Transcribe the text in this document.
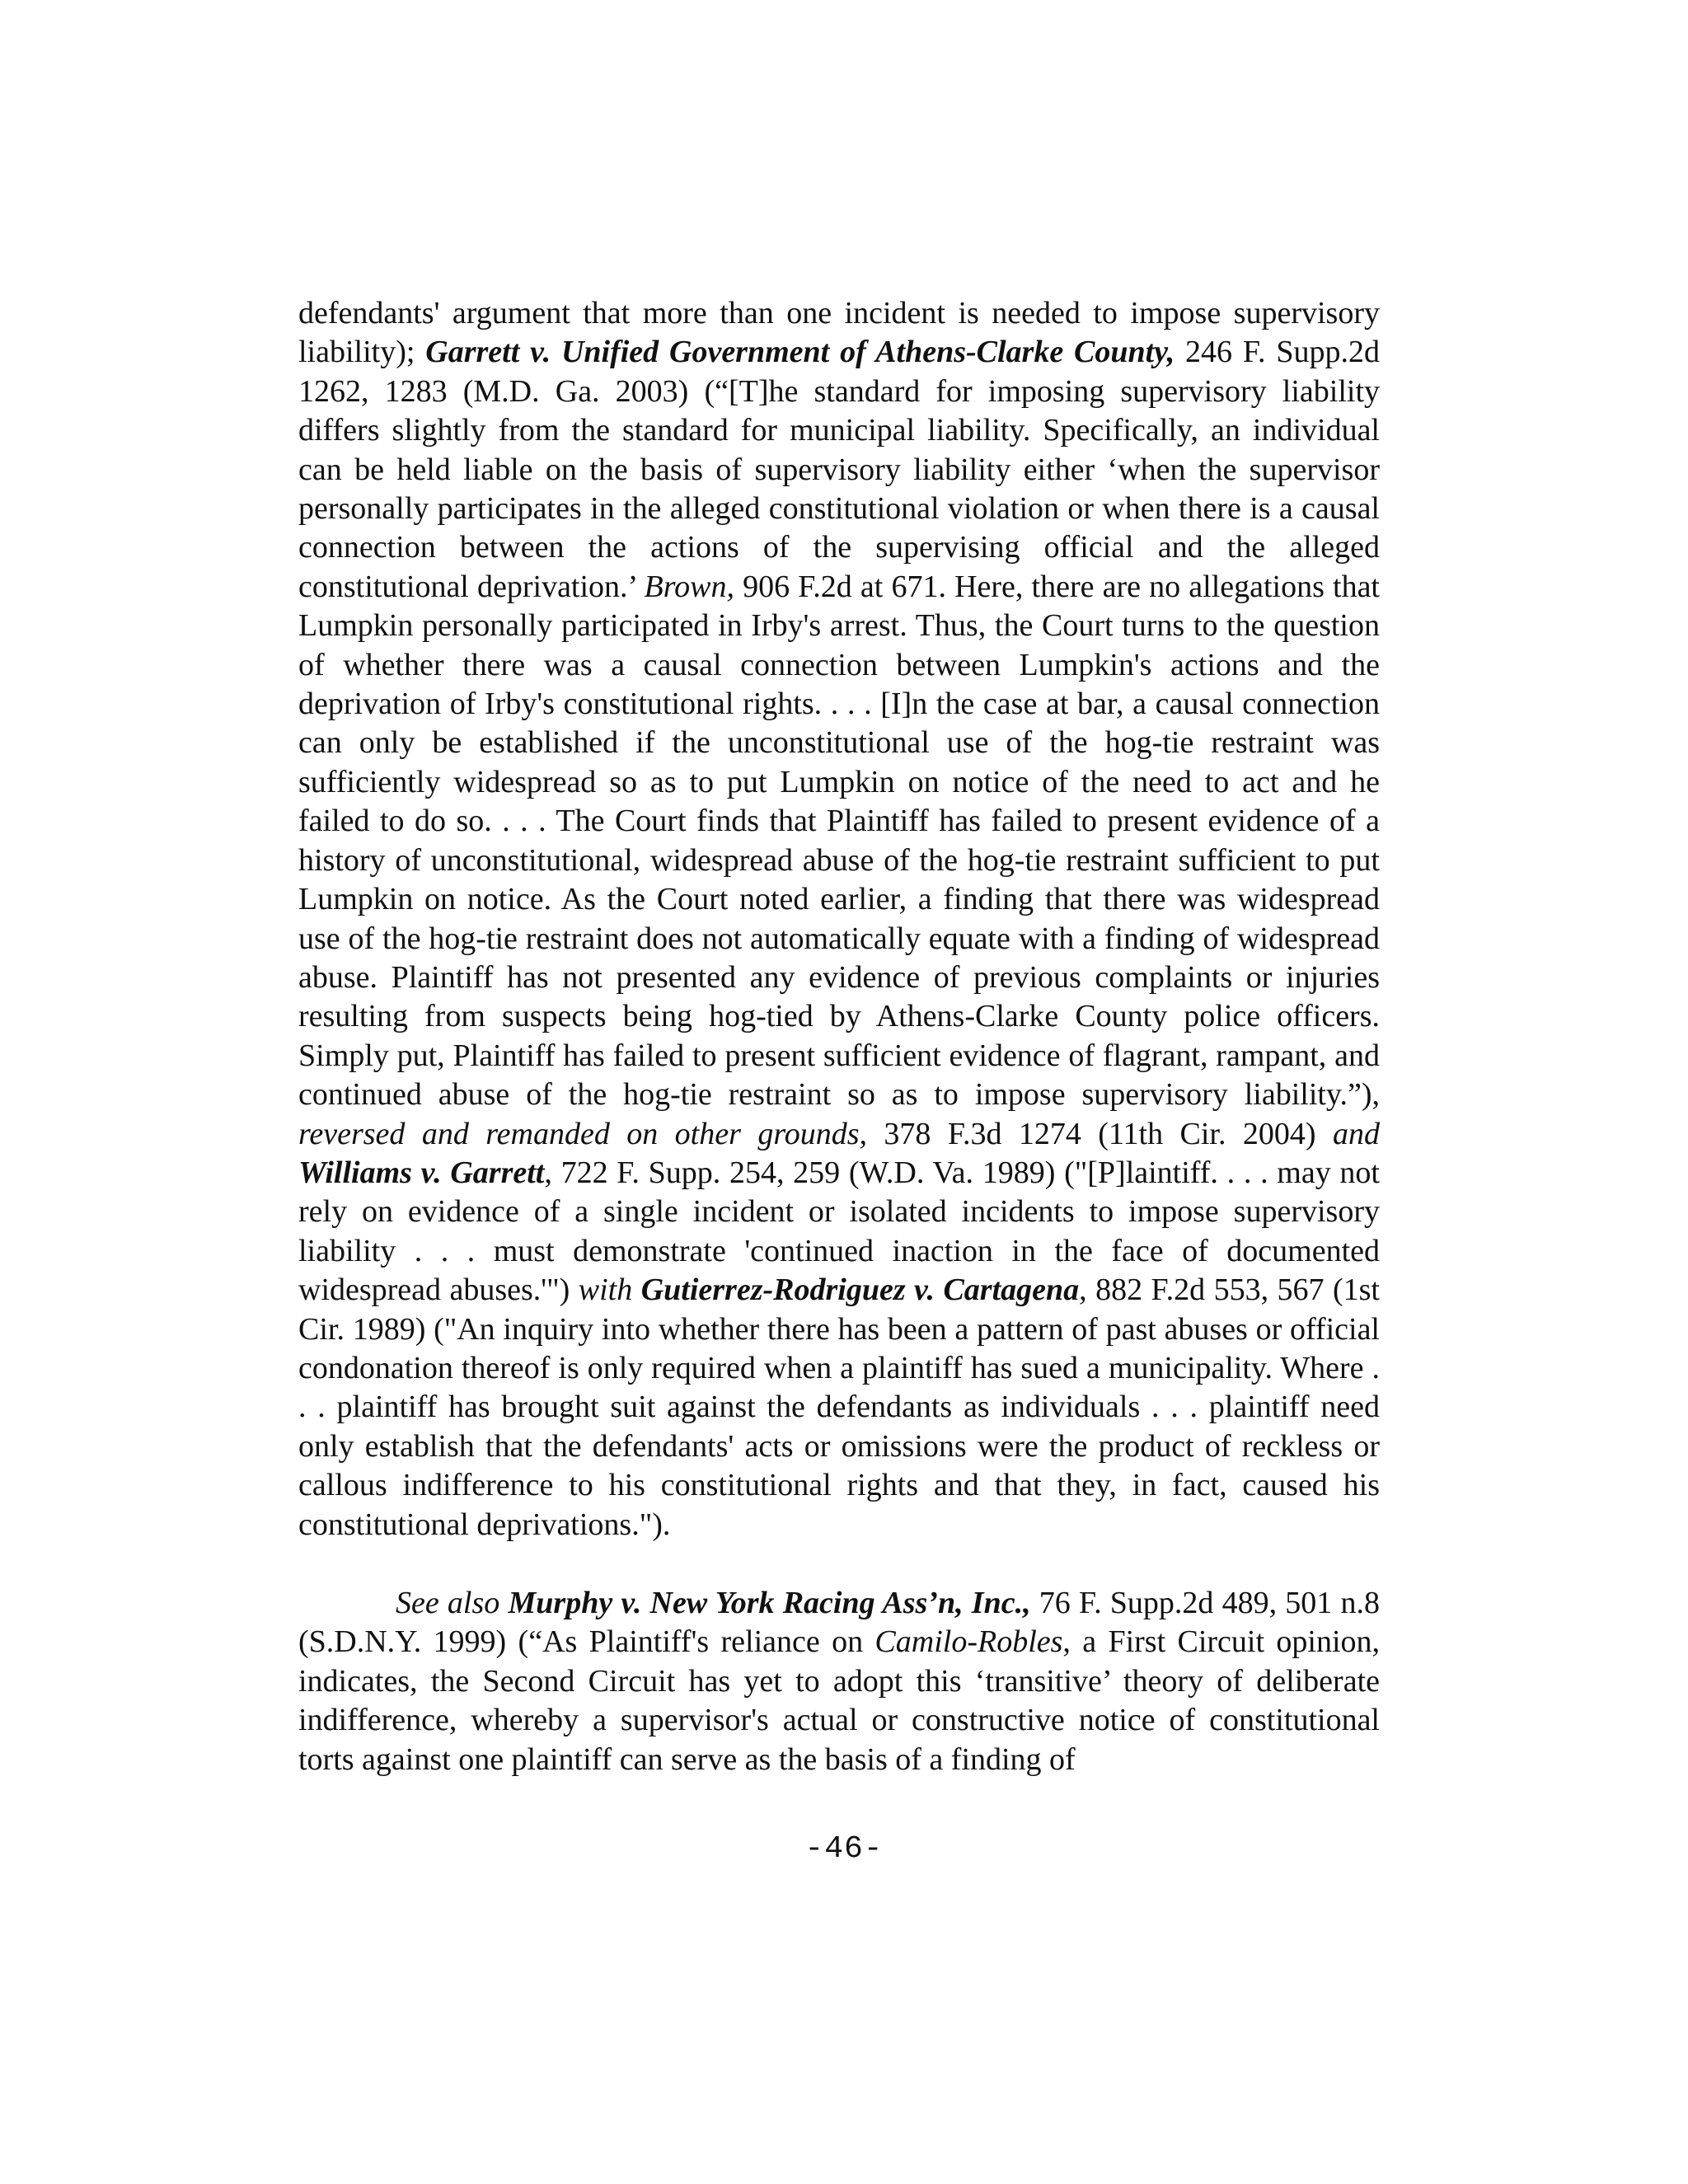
defendants' argument that more than one incident is needed to impose supervisory liability); Garrett v. Unified Government of Athens-Clarke County, 246 F. Supp.2d 1262, 1283 (M.D. Ga. 2003) (“[T]he standard for imposing supervisory liability differs slightly from the standard for municipal liability. Specifically, an individual can be held liable on the basis of supervisory liability either ‘when the supervisor personally participates in the alleged constitutional violation or when there is a causal connection between the actions of the supervising official and the alleged constitutional deprivation.’ Brown, 906 F.2d at 671. Here, there are no allegations that Lumpkin personally participated in Irby's arrest. Thus, the Court turns to the question of whether there was a causal connection between Lumpkin's actions and the deprivation of Irby's constitutional rights. . . . [I]n the case at bar, a causal connection can only be established if the unconstitutional use of the hog-tie restraint was sufficiently widespread so as to put Lumpkin on notice of the need to act and he failed to do so. . . . The Court finds that Plaintiff has failed to present evidence of a history of unconstitutional, widespread abuse of the hog-tie restraint sufficient to put Lumpkin on notice. As the Court noted earlier, a finding that there was widespread use of the hog-tie restraint does not automatically equate with a finding of widespread abuse. Plaintiff has not presented any evidence of previous complaints or injuries resulting from suspects being hog-tied by Athens-Clarke County police officers. Simply put, Plaintiff has failed to present sufficient evidence of flagrant, rampant, and continued abuse of the hog-tie restraint so as to impose supervisory liability.”), reversed and remanded on other grounds, 378 F.3d 1274 (11th Cir. 2004) and Williams v. Garrett, 722 F. Supp. 254, 259 (W.D. Va. 1989) ("[P]laintiff. . . . may not rely on evidence of a single incident or isolated incidents to impose supervisory liability . . . must demonstrate 'continued inaction in the face of documented widespread abuses.'") with Gutierrez-Rodriguez v. Cartagena, 882 F.2d 553, 567 (1st Cir. 1989) ("An inquiry into whether there has been a pattern of past abuses or official condonation thereof is only required when a plaintiff has sued a municipality. Where . . . plaintiff has brought suit against the defendants as individuals . . . plaintiff need only establish that the defendants' acts or omissions were the product of reckless or callous indifference to his constitutional rights and that they, in fact, caused his constitutional deprivations.").

See also Murphy v. New York Racing Ass’n, Inc., 76 F. Supp.2d 489, 501 n.8 (S.D.N.Y. 1999) (“As Plaintiff's reliance on Camilo-Robles, a First Circuit opinion, indicates, the Second Circuit has yet to adopt this ‘transitive’ theory of deliberate indifference, whereby a supervisor's actual or constructive notice of constitutional torts against one plaintiff can serve as the basis of a finding of

-46-
